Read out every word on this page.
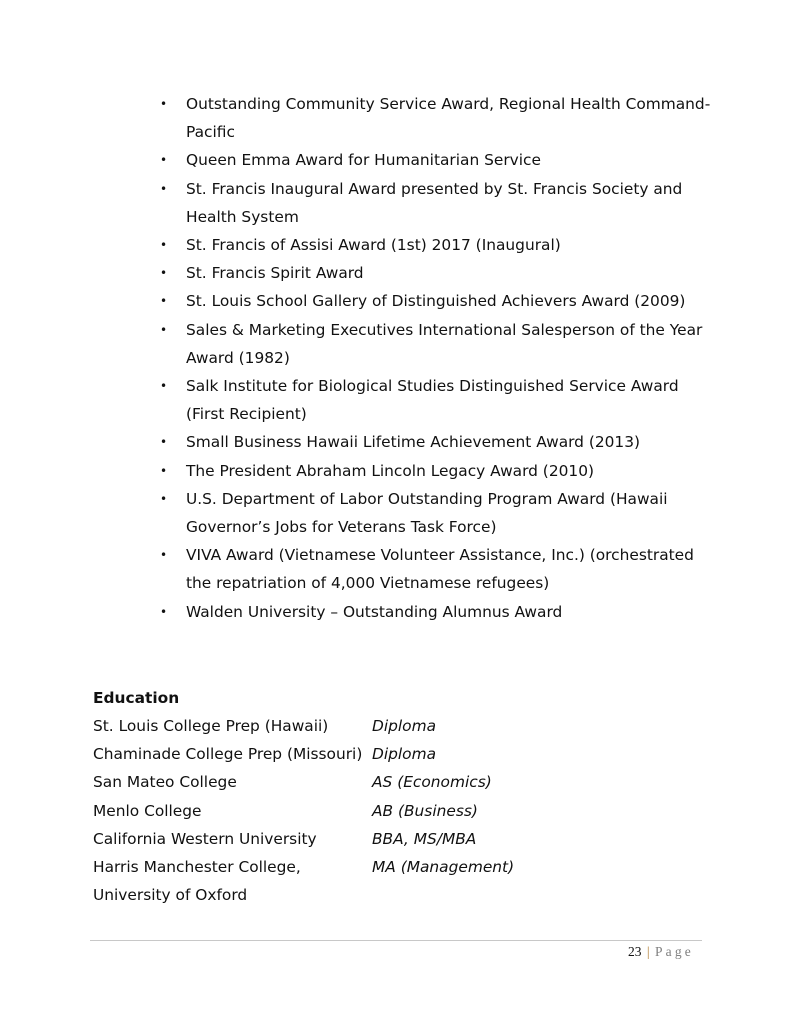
• Outstanding Community Service Award, Regional Health Command-Pacific
• Queen Emma Award for Humanitarian Service
• St. Francis Inaugural Award presented by St. Francis Society and Health System
• St. Francis of Assisi Award (1st) 2017 (Inaugural)
• St. Francis Spirit Award
• St. Louis School Gallery of Distinguished Achievers Award (2009)
• Sales & Marketing Executives International Salesperson of the Year Award (1982)
• Salk Institute for Biological Studies Distinguished Service Award (First Recipient)
• Small Business Hawaii Lifetime Achievement Award (2013)
• The President Abraham Lincoln Legacy Award (2010)
• U.S. Department of Labor Outstanding Program Award (Hawaii Governor’s Jobs for Veterans Task Force)
• VIVA Award (Vietnamese Volunteer Assistance, Inc.) (orchestrated the repatriation of 4,000 Vietnamese refugees)
• Walden University – Outstanding Alumnus Award
Education
St. Louis College Prep (Hawaii)	Diploma
Chaminade College Prep (Missouri) Diploma
San Mateo College	AS (Economics)
Menlo College	AB (Business)
California Western University	BBA, MS/MBA
Harris Manchester College,	MA (Management)
University of Oxford
23 | Page
